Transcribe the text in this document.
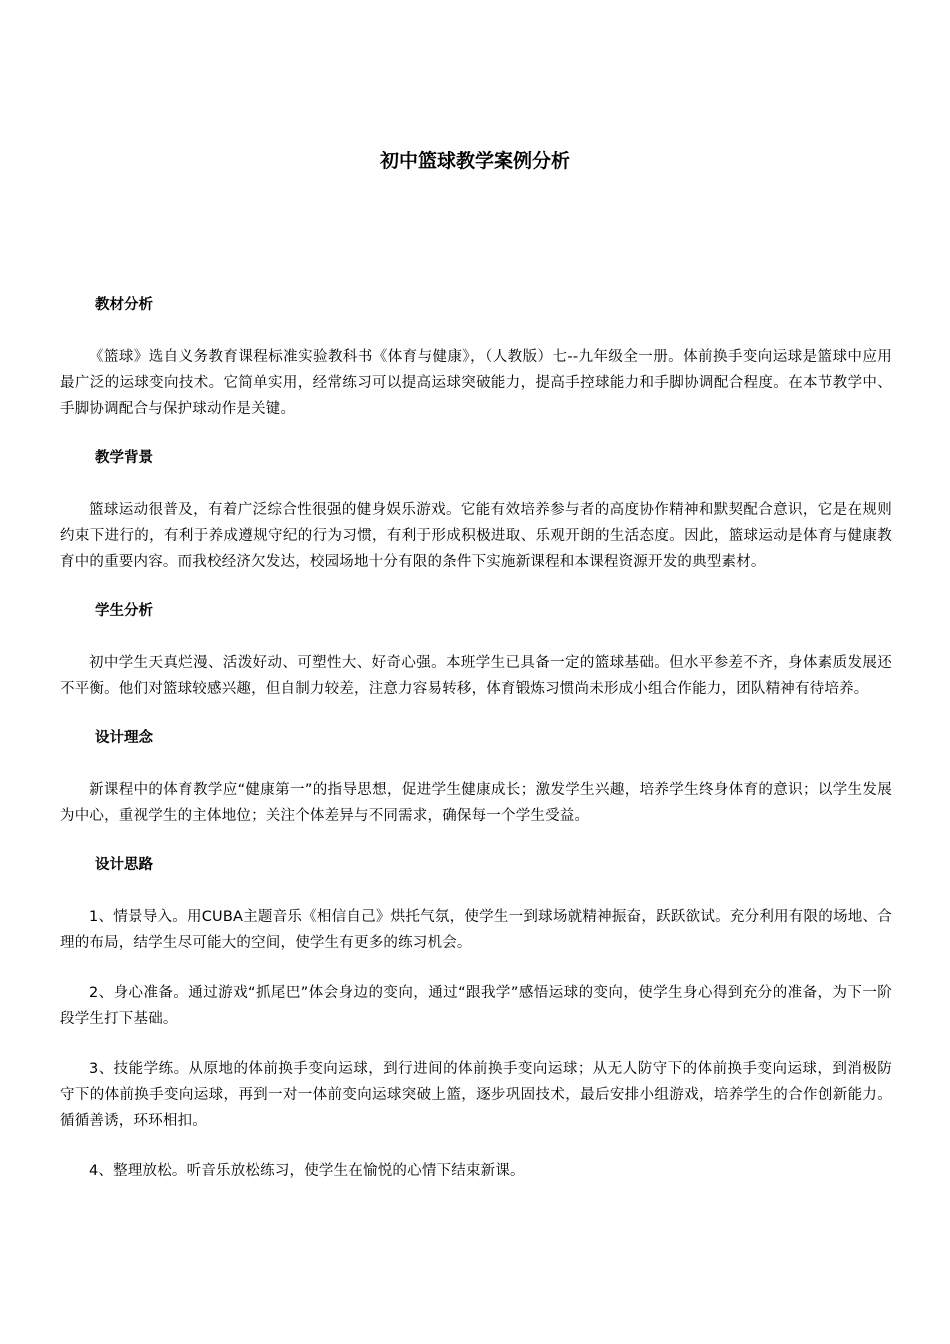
初中篮球教学案例分析
教材分析

《篮球》选自义务教育课程标准实验教科书《体育与健康》，（人教版）七--九年级全一册。体前换手变向运球是篮球中应用最广泛的运球变向技术。它简单实用，经常练习可以提高运球突破能力，提高手控球能力和手脚协调配合程度。在本节教学中、手脚协调配合与保护球动作是关键。

教学背景

篮球运动很普及，有着广泛综合性很强的健身娱乐游戏。它能有效培养参与者的高度协作精神和默契配合意识，它是在规则约束下进行的，有利于养成遵规守纪的行为习惯，有利于形成积极进取、乐观开朗的生活态度。因此，篮球运动是体育与健康教育中的重要内容。而我校经济欠发达，校园场地十分有限的条件下实施新课程和本课程资源开发的典型素材。

学生分析

初中学生天真烂漫、活泼好动、可塑性大、好奇心强。本班学生已具备一定的篮球基础。但水平参差不齐，身体素质发展还不平衡。他们对篮球较感兴趣，但自制力较差，注意力容易转移，体育锻炼习惯尚未形成小组合作能力，团队精神有待培养。

设计理念

新课程中的体育教学应“健康第一”的指导思想，促进学生健康成长；激发学生兴趣，培养学生终身体育的意识；以学生发展为中心，重视学生的主体地位；关注个体差异与不同需求，确保每一个学生受益。

设计思路

1、情景导入。用CUBA主题音乐《相信自己》烘托气氛，使学生一到球场就精神振奋，跃跃欲试。充分利用有限的场地、合理的布局，结学生尽可能大的空间，使学生有更多的练习机会。

2、身心准备。通过游戏“抓尾巴”体会身边的变向，通过“跟我学”感悟运球的变向，使学生身心得到充分的准备，为下一阶段学生打下基础。

3、技能学练。从原地的体前换手变向运球，到行进间的体前换手变向运球；从无人防守下的体前换手变向运球，到消极防守下的体前换手变向运球，再到一对一体前变向运球突破上篮，逐步巩固技术，最后安排小组游戏，培养学生的合作创新能力。循循善诱，环环相扣。

4、整理放松。听音乐放松练习，使学生在愉悦的心情下结束新课。
